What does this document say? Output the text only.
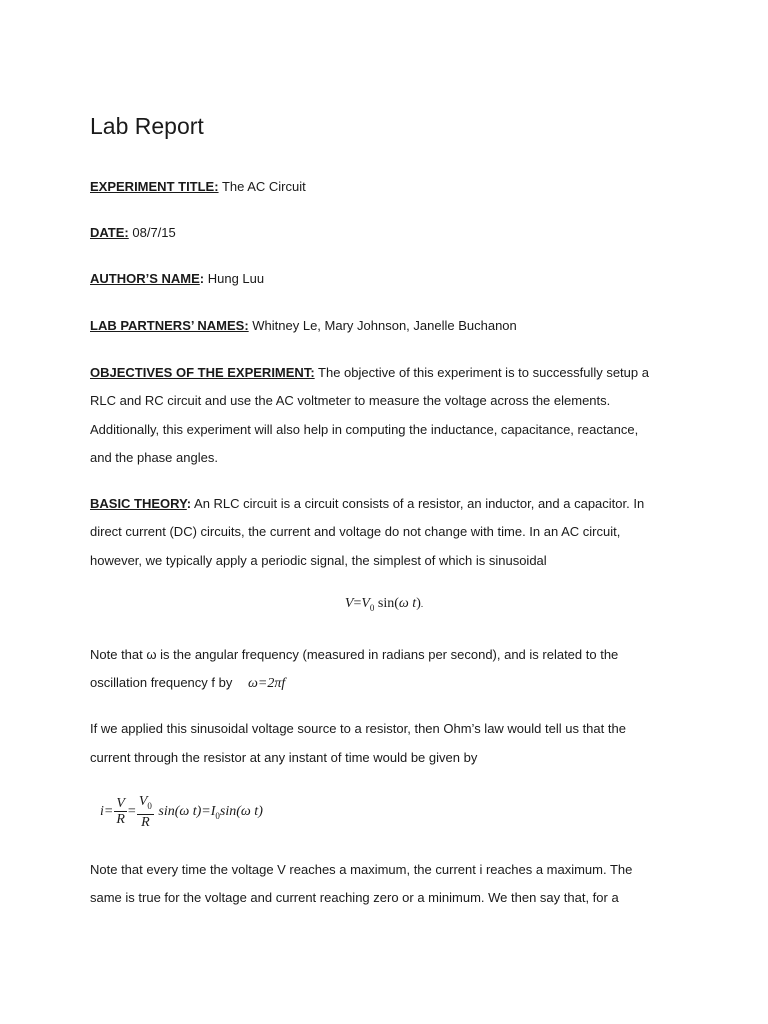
Lab Report
EXPERIMENT TITLE: The AC Circuit
DATE: 08/7/15
AUTHOR’S NAME: Hung Luu
LAB PARTNERS’ NAMES: Whitney Le, Mary Johnson, Janelle Buchanon
OBJECTIVES OF THE EXPERIMENT: The objective of this experiment is to successfully setup a
RLC and RC circuit and use the AC voltmeter to measure the voltage across the elements.
Additionally, this experiment will also help in computing the inductance, capacitance, reactance,
and the phase angles.
BASIC THEORY: An RLC circuit is a circuit consists of a resistor, an inductor, and a capacitor. In
direct current (DC) circuits, the current and voltage do not change with time. In an AC circuit,
however, we typically apply a periodic signal, the simplest of which is sinusoidal
$V=V_0$ sin(ω t).
Note that ω is the angular frequency (measured in radians per second), and is related to the
oscillation frequency f by ω=2πf
If we applied this sinusoidal voltage source to a resistor, then Ohm’s law would tell us that the
current through the resistor at any instant of time would be given by
$i= \frac{V}{R} = \frac{V_0}{R} \sin(\omega$ $t)=I_0\sin(\omega$ t)
Note that every time the voltage V reaches a maximum, the current i reaches a maximum. The
same is true for the voltage and current reaching zero or a minimum. We then say that, for a
